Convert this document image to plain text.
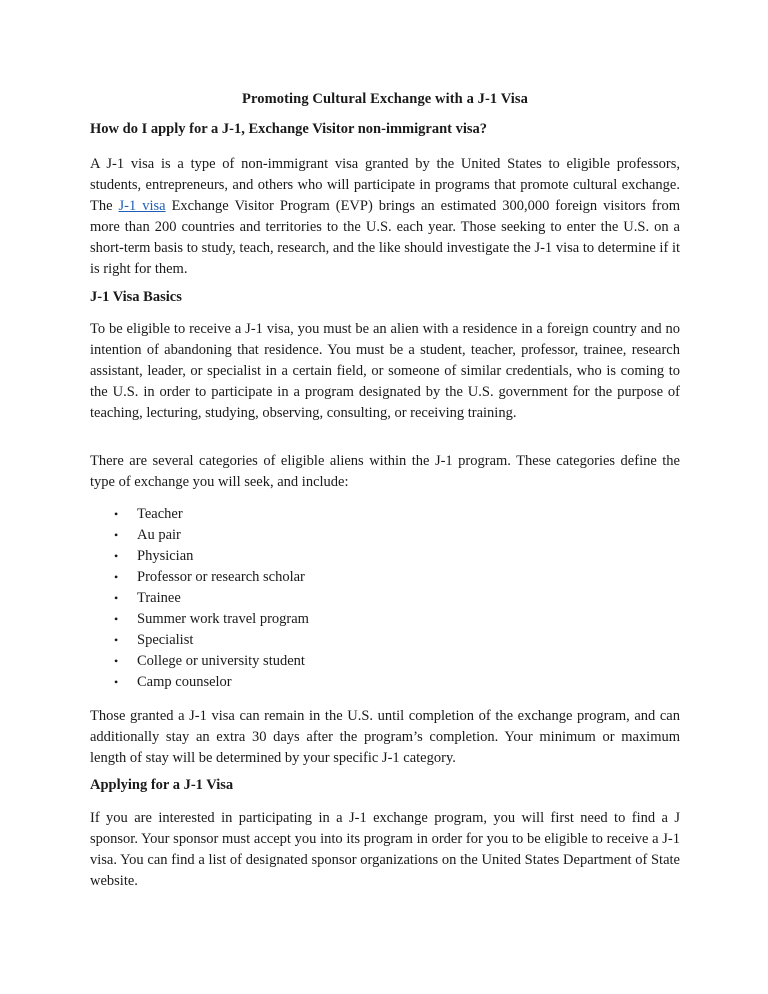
Promoting Cultural Exchange with a J-1 Visa

How do I apply for a J-1, Exchange Visitor non-immigrant visa?

A J-1 visa is a type of non-immigrant visa granted by the United States to eligible professors, students, entrepreneurs, and others who will participate in programs that promote cultural exchange. The J-1 visa Exchange Visitor Program (EVP) brings an estimated 300,000 foreign visitors from more than 200 countries and territories to the U.S. each year. Those seeking to enter the U.S. on a short-term basis to study, teach, research, and the like should investigate the J-1 visa to determine if it is right for them.

J-1 Visa Basics

To be eligible to receive a J-1 visa, you must be an alien with a residence in a foreign country and no intention of abandoning that residence. You must be a student, teacher, professor, trainee, research assistant, leader, or specialist in a certain field, or someone of similar credentials, who is coming to the U.S. in order to participate in a program designated by the U.S. government for the purpose of teaching, lecturing, studying, observing, consulting, or receiving training.

There are several categories of eligible aliens within the J-1 program. These categories define the type of exchange you will seek, and include:

• Teacher
• Au pair
• Physician
• Professor or research scholar
• Trainee
• Summer work travel program
• Specialist
• College or university student
• Camp counselor

Those granted a J-1 visa can remain in the U.S. until completion of the exchange program, and can additionally stay an extra 30 days after the program’s completion. Your minimum or maximum length of stay will be determined by your specific J-1 category.

Applying for a J-1 Visa

If you are interested in participating in a J-1 exchange program, you will first need to find a J sponsor. Your sponsor must accept you into its program in order for you to be eligible to receive a J-1 visa. You can find a list of designated sponsor organizations on the United States Department of State website.
